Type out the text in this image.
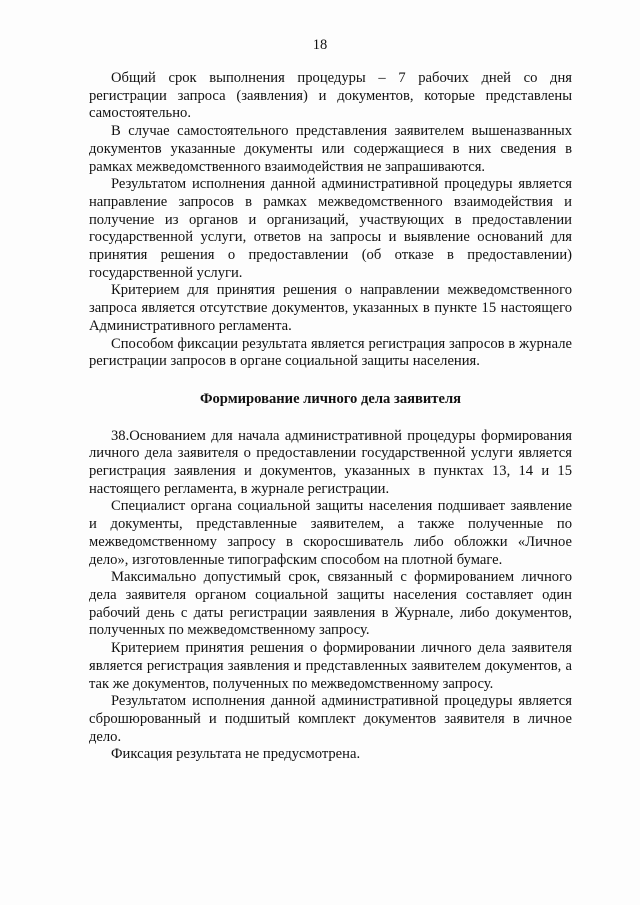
18

Общий срок выполнения процедуры – 7 рабочих дней со дня регистрации запроса (заявления) и документов, которые представлены самостоятельно.

В случае самостоятельного представления заявителем вышеназванных документов указанные документы или содержащиеся в них сведения в рамках межведомственного взаимодействия не запрашиваются.

Результатом исполнения данной административной процедуры является направление запросов в рамках межведомственного взаимодействия и получение из органов и организаций, участвующих в предоставлении государственной услуги, ответов на запросы и выявление оснований для принятия решения о предоставлении (об отказе в предоставлении) государственной услуги.

Критерием для принятия решения о направлении межведомственного запроса является отсутствие документов, указанных в пункте 15 настоящего Административного регламента.

Способом фиксации результата является регистрация запросов в журнале регистрации запросов в органе социальной защиты населения.

Формирование личного дела заявителя

38.Основанием для начала административной процедуры формирования личного дела заявителя о предоставлении государственной услуги является регистрация заявления и документов, указанных в пунктах 13, 14 и 15 настоящего регламента, в журнале регистрации.

Специалист органа социальной защиты населения подшивает заявление и документы, представленные заявителем, а также полученные по межведомственному запросу в скоросшиватель либо обложки «Личное дело», изготовленные типографским способом на плотной бумаге.

Максимально допустимый срок, связанный с формированием личного дела заявителя органом социальной защиты населения составляет один рабочий день с даты регистрации заявления в Журнале, либо документов, полученных по межведомственному запросу.

Критерием принятия решения о формировании личного дела заявителя является регистрация заявления и представленных заявителем документов, а так же документов, полученных по межведомственному запросу.

Результатом исполнения данной административной процедуры является сброшюрованный и подшитый комплект документов заявителя в личное дело.

Фиксация результата не предусмотрена.
